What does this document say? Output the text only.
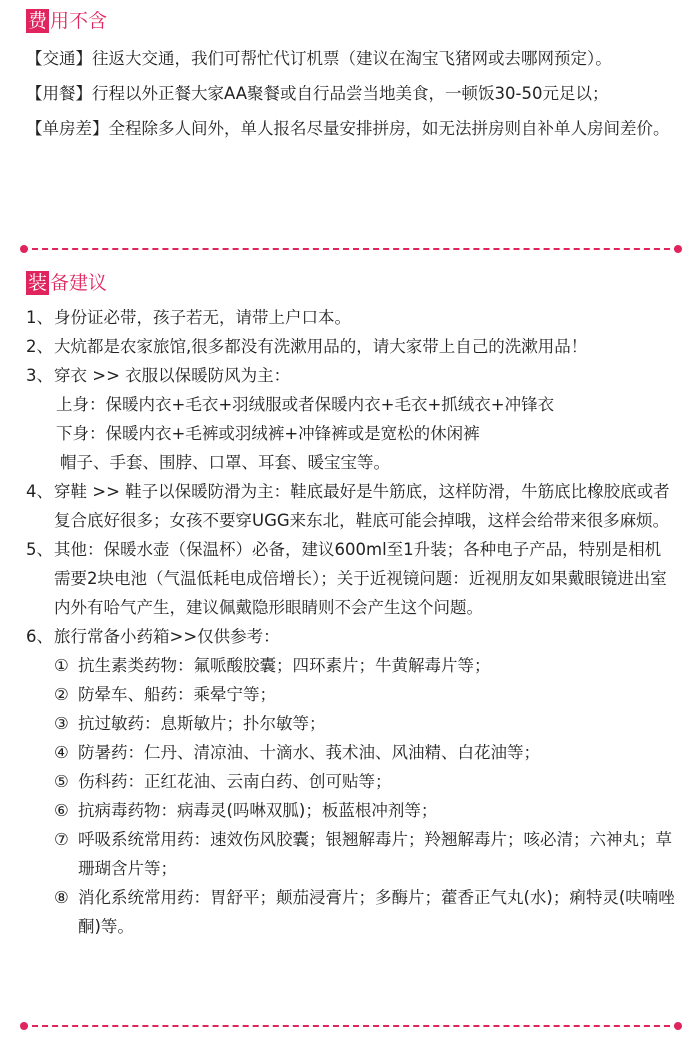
费 用不含
【交通】 往返大交通，我们可帮忙代订机票（建议在淘宝飞猪网或去哪网预定）。
【用餐】 行程以外正餐大家AA聚餐或自行品尝当地美食，一顿饭30-50元足以；
【单房差】 全程除多人间外，单人报名尽量安排拼房，如无法拼房则自补单人房间差价。
装 备建议
1、 身份证必带，孩子若无，请带上户口本。
2、 大炕都是农家旅馆,很多都没有洗漱用品的，请大家带上自己的洗漱用品！
3、 穿衣 >> 衣服以保暖防风为主：
上身：保暖内衣+毛衣+羽绒服或者保暖内衣+毛衣+抓绒衣+冲锋衣
下身：保暖内衣+毛裤或羽绒裤+冲锋裤或是宽松的休闲裤
帽子、手套、围脖、口罩、耳套、暖宝宝等。
4、 穿鞋 >> 鞋子以保暖防滑为主：鞋底最好是牛筋底，这样防滑，牛筋底比橡胶底或者复合底好很多；女孩不要穿UGG来东北，鞋底可能会掉哦，这样会给带来很多麻烦。
5、 其他：保暖水壶（保温杯）必备，建议600ml至1升装；各种电子产品，特别是相机需要2块电池（气温低耗电成倍增长）；关于近视镜问题：近视朋友如果戴眼镜进出室内外有哈气产生，建议佩戴隐形眼睛则不会产生这个问题。
6、 旅行常备小药箱>>仅供参考：
① 抗生素类药物：氟哌酸胶囊；四环素片；牛黄解毒片等；
② 防晕车、船药：乘晕宁等；
③ 抗过敏药：息斯敏片；扑尔敏等；
④ 防暑药：仁丹、清凉油、十滴水、莪术油、风油精、白花油等；
⑤ 伤科药：正红花油、云南白药、创可贴等；
⑥ 抗病毒药物：病毒灵(吗啉双胍)；板蓝根冲剂等；
⑦ 呼吸系统常用药：速效伤风胶囊；银翘解毒片；羚翘解毒片；咳必清；六神丸；草珊瑚含片等；
⑧ 消化系统常用药：胃舒平；颠茄浸膏片；多酶片；藿香正气丸(水)；痢特灵(呋喃唑酮)等。
